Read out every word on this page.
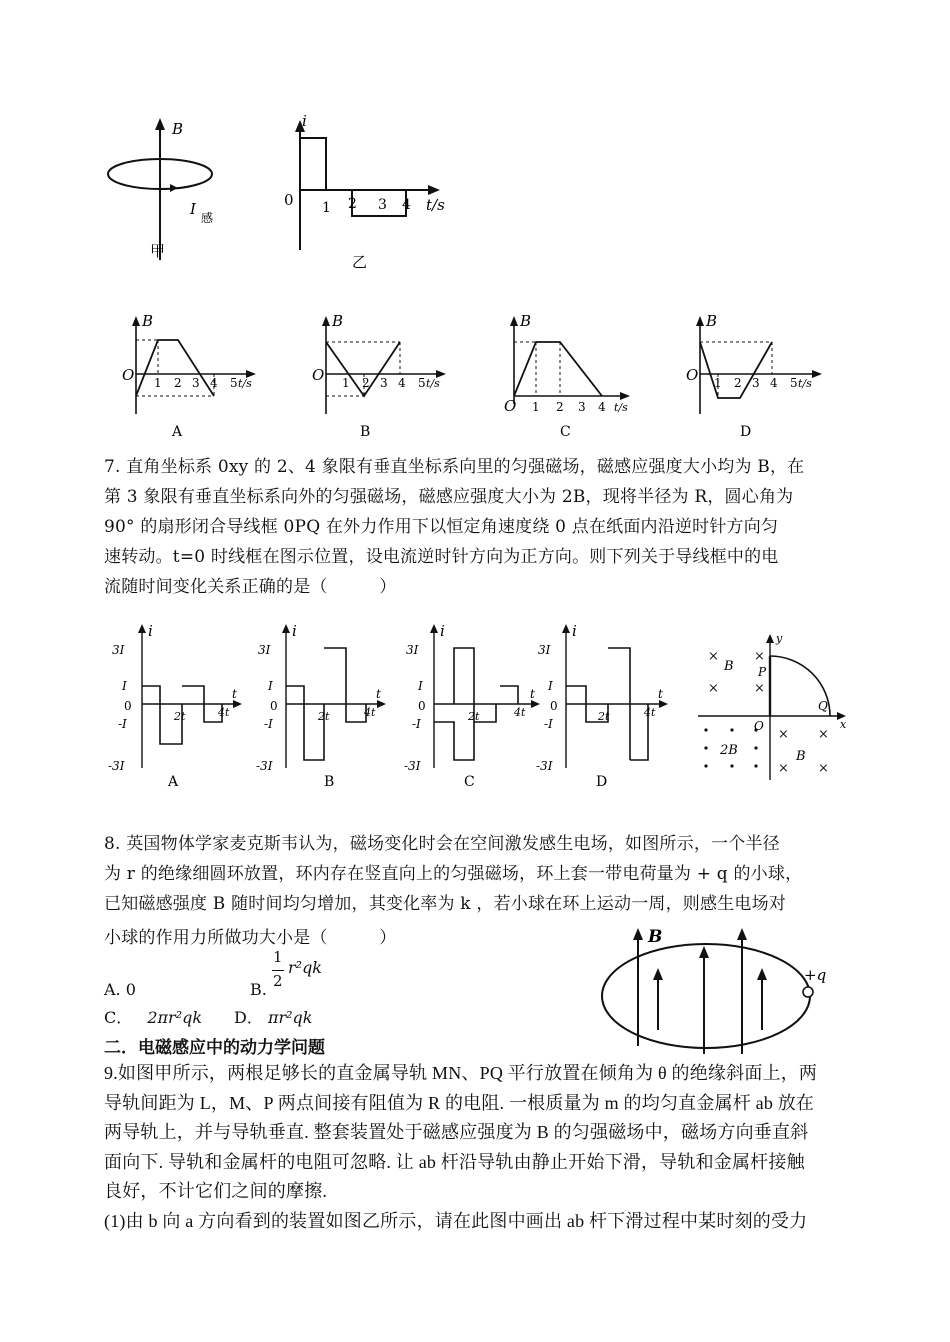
B
I 感
甲
i
0 1 2 3 4 t/s
乙
B
O 1 2 3 4 5 t/s
A
B
O 1 2 3 4 5 t/s
B
B
O 1 2 3 4 t/s
C
B
O 1 2 3 4 5 t/s
D
7. 直角坐标系 0xy 的 2、4 象限有垂直坐标系向里的匀强磁场，磁感应强度大小均为 B，在
第 3 象限有垂直坐标系向外的匀强磁场，磁感应强度大小为 2B，现将半径为 R，圆心角为
90° 的扇形闭合导线框 0PQ 在外力作用下以恒定角速度绕 0 点在纸面内沿逆时针方向匀
速转动。t=0 时线框在图示位置，设电流逆时针方向为正方向。则下列关于导线框中的电
流随时间变化关系正确的是（　　　）
i
3I
I
0
-I
-3I
2t	4t
t
A
i
3I
I
0
-I
-3I
2t	4t
t
B
i
3I
I
0
-I
-3I
2t	4t
t
C
i
3I
I
0
-I
-3I
2t	4t
t
D
×	×
×	×
× ×
× ×
y
x
P
O
Q
B
B
2B
8. 英国物体学家麦克斯韦认为，磁场变化时会在空间激发感生电场，如图所示，一个半径
为 r 的绝缘细圆环放置，环内存在竖直向上的匀强磁场，环上套一带电荷量为 + q 的小球，
已知磁感强度 B 随时间均匀增加，其变化率为 k ，若小球在环上运动一周，则感生电场对
小球的作用力所做功大小是（　　　）
A. 0	B.
1
2
r²qk
C． 2πr²qk D． πr²qk
B
+q
二．电磁感应中的动力学问题
9.如图甲所示，两根足够长的直金属导轨 MN、PQ 平行放置在倾角为 θ 的绝缘斜面上，两
导轨间距为 L，M、P 两点间接有阻值为 R 的电阻. 一根质量为 m 的均匀直金属杆 ab 放在
两导轨上，并与导轨垂直. 整套装置处于磁感应强度为 B 的匀强磁场中，磁场方向垂直斜
面向下. 导轨和金属杆的电阻可忽略. 让 ab 杆沿导轨由静止开始下滑，导轨和金属杆接触
良好，不计它们之间的摩擦.
(1)由 b 向 a 方向看到的装置如图乙所示，请在此图中画出 ab 杆下滑过程中某时刻的受力
